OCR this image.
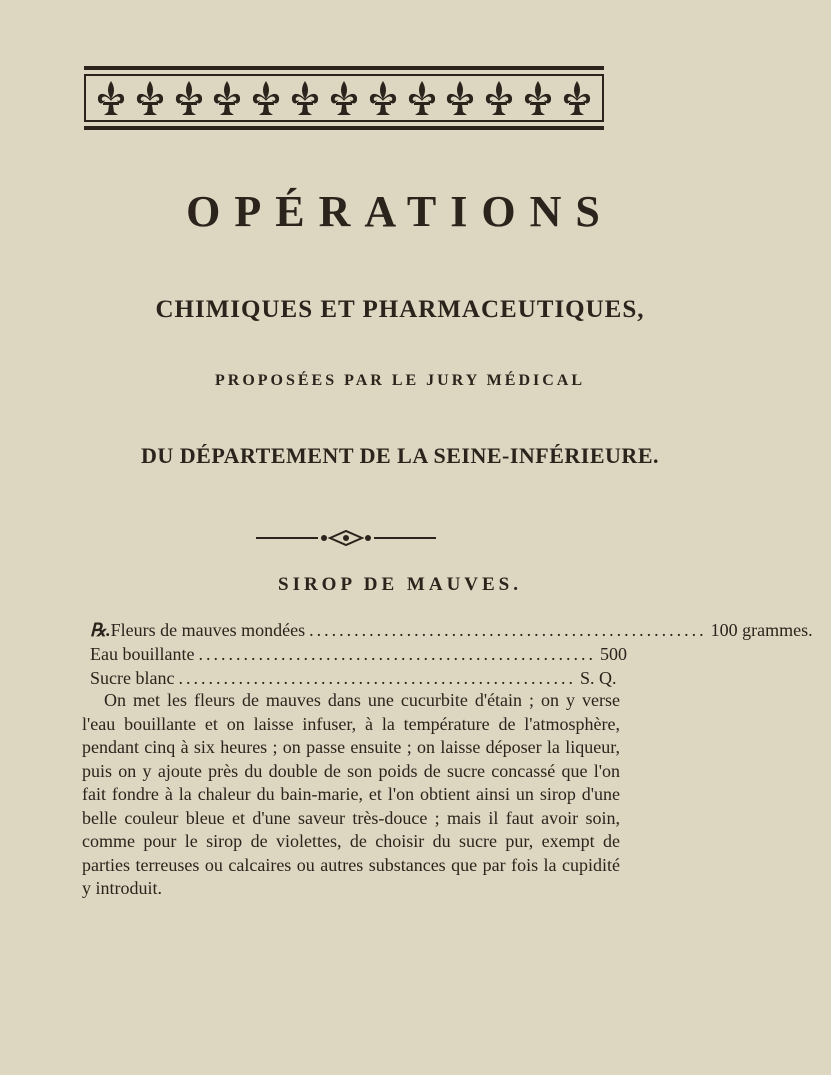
OPÉRATIONS
CHIMIQUES ET PHARMACEUTIQUES,

PROPOSÉES PAR LE JURY MÉDICAL

DU DÉPARTEMENT DE LA SEINE-INFÉRIEURE.

SIROP DE MAUVES.
℞. Fleurs de mauves mondées ..................................................... 100 grammes.
Eau bouillante ..................................................... 500
Sucre blanc ..................................................... S. Q.

On met les fleurs de mauves dans une cucurbite d'étain ; on y verse l'eau bouillante et on laisse infuser, à la température de l'atmosphère, pendant cinq à six heures ; on passe ensuite ; on laisse déposer la liqueur, puis on y ajoute près du double de son poids de sucre concassé que l'on fait fondre à la chaleur du bain-marie, et l'on obtient ainsi un sirop d'une belle couleur bleue et d'une saveur très-douce ; mais il faut avoir soin, comme pour le sirop de violettes, de choisir du sucre pur, exempt de parties terreuses ou calcaires ou autres substances que par fois la cupidité y introduit.
